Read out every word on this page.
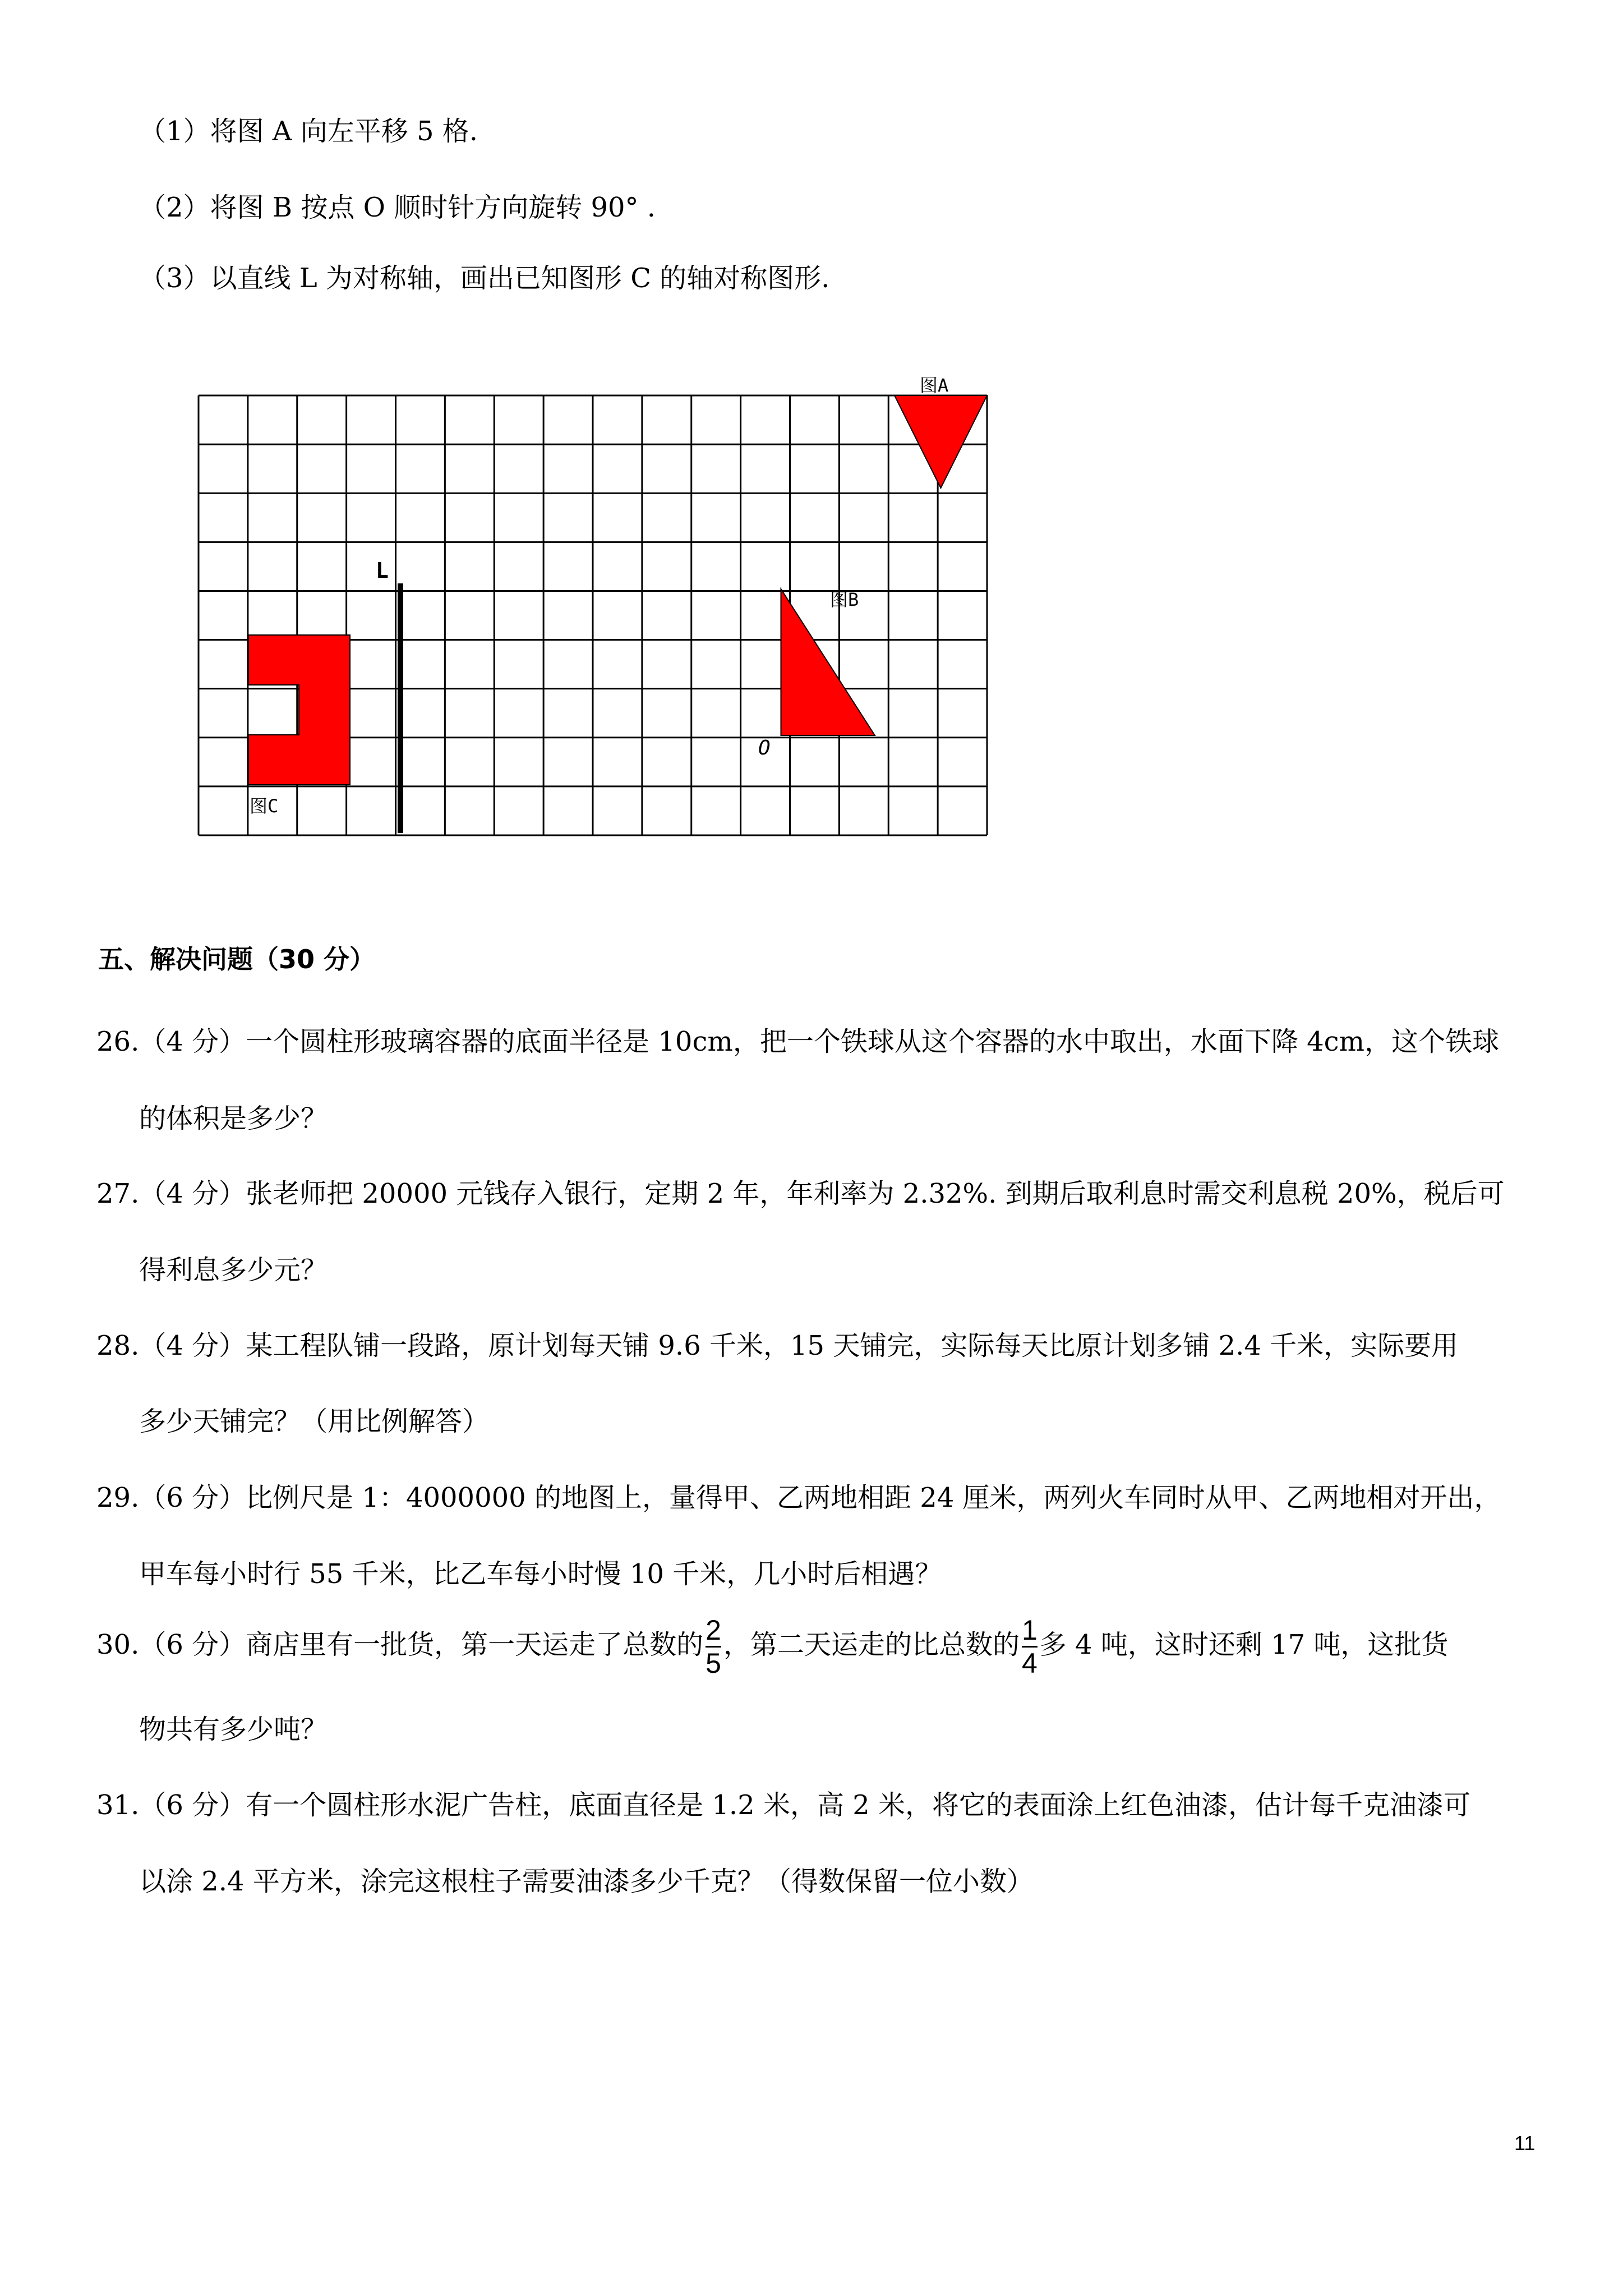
（1）将图 A 向左平移 5 格.
（2）将图 B 按点 O 顺时针方向旋转 90° .
（3）以直线 L 为对称轴，画出已知图形 C 的轴对称图形.
L
图A
图B
图C
O
五、解决问题（30 分）
26.（4 分）一个圆柱形玻璃容器的底面半径是 10cm，把一个铁球从这个容器的水中取出，水面下降 4cm，这个铁球
的体积是多少？
27.（4 分）张老师把 20000 元钱存入银行，定期 2 年，年利率为 2.32%. 到期后取利息时需交利息税 20%，税后可
得利息多少元？
28.（4 分）某工程队铺一段路，原计划每天铺 9.6 千米，15 天铺完，实际每天比原计划多铺 2.4 千米，实际要用
多少天铺完？（用比例解答）
29.（6 分）比例尺是 1：4000000 的地图上，量得甲、乙两地相距 24 厘米，两列火车同时从甲、乙两地相对开出，
甲车每小时行 55 千米，比乙车每小时慢 10 千米，几小时后相遇？
30.（6 分）商店里有一批货，第一天运走了总数的 $\frac{2}{5}$ ，第二天运走的比总数的 $\frac{1}{4}$ 多 4 吨，这时还剩 17 吨，这批货
物共有多少吨？
31.（6 分）有一个圆柱形水泥广告柱，底面直径是 1.2 米，高 2 米，将它的表面涂上红色油漆，估计每千克油漆可
以涂 2.4 平方米，涂完这根柱子需要油漆多少千克？（得数保留一位小数）
11
